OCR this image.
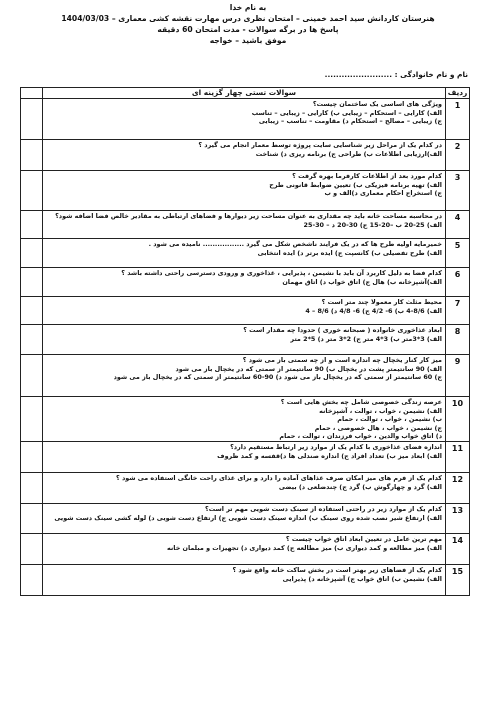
به نام خدا
هنرستان کاردانش سید احمد خمینی – امتحان نظری درس مهارت نقشه کشی معماری – 1404/03/03
پاسخ ها در برگه سوالات - مدت امتحان 60 دقیقه
موفق باشید – خواجه
نام و نام خانوادگی : ........................
ردیف	سوالات تستی چهار گزینه ای	
1	ویژگی های اساسی یک ساختمان چیست؟
الف) کارایی – استحکام – زیبایی ب) کارایی – زیبایی – تناسب
ج) زیبایی – مصالح – استحکام د) مقاومت – تناسب – زیبایی	

2	در کدام یک از مراحل زیر شناسایی سایت پروژه توسط معمار انجام می گیرد ؟
الف)ارزیابی اطلاعات ب) طراحی ج) برنامه ریزی د) شناخت	

3	کدام مورد بعد از اطلاعات کارفرما بهره گرفت ؟
الف) تهیه برنامه فیزیکی ب) تعیین ضوابط قانونی طرح
ج) استخراج احکام معماری د)الف و ب	

4	در محاسبه مساحت خانه باید چه مقداری به عنوان مساحت زیر دیوارها و فضاهای ارتباطی به مقادیر خالص فضا اضافه شود؟
الف) 25-20 ب –20-15 ج) 30-20 د – 30-25	

5	خمیرمایه اولیه طرح ها که در یک فرایند ناشخص شکل می گیرد ................. نامیده می شود .
الف) طرح تفصیلی ب) کانسپت ج) ایده برتر د) ایده انتخابی	

6	کدام فضا به دلیل کاربرد آن باید با نشیمن ، پذیرایی ، غذاخوری و ورودی دسترسی راحتی داشته باشد ؟
الف)آشپزخانه ب) هال ج) اتاق خواب د) اتاق مهمان	

7	محیط مثلث کار معمولا چند متر است ؟
الف) 8/6-4 ب) 6- 4/2 ج) 6- 4/8 د) 8/6 – 4	

8	ابعاد غذاخوری خانواده ( صبحانه خوری ) حدودا چه مقدار است ؟
الف) 3*3متر ب) 3*4 متر ج) 2*3 متر د) 5*2 متر	

9	میز کار کنار یخچال چه اندازه است و از چه سمتی باز می شود ؟
الف) 90 سانتیمتر پشت در یخچال ب) 90 سانتیمتر از سمتی که در یخچال باز می شود
ج) 60 سانتیمتر از سمتی که در یخچال باز می شود د) 90-60 سانتیمتر از سمتی که در یخچال باز می شود	

10	عرصه زندگی خصوصی شامل چه بخش هایی است ؟
الف) نشیمن ، خواب ، توالت ، آشپزخانه
ب) نشیمن ، خواب ، توالت ، حمام
ج) نشیمن ، خواب ، هال خصوصی ، حمام
د) اتاق خواب والدین ، خواب فرزندان ، توالت ، حمام	

11	اندازه فضای غذاخوری با کدام یک از موارد زیر ارتباط مستقیم دارد؟
الف) ابعاد میز ب) تعداد افراد ج) اندازه صندلی ها د)قفسه و کمد ظروف	

12	کدام یک از فرم های میز امکان صرف غذاهای آماده را دارد و برای غذای راحت خانگی استفاده می شود ؟
الف) گرد و چهارگوش ب) گرد ج) چندضلعی د) بیضی	

13	کدام یک از موارد زیر در راحتی استفاده از سینک دست شویی مهم تر است؟
الف) ارتفاع شیر نصب شده روی سینک ب) اندازه سینک دست شویی ج) ارتفاع دست شویی د) لوله کشی سینک دست شویی	

14	مهم ترین عامل در تعیین ابعاد اتاق خواب چیست ؟
الف) میز مطالعه و کمد دیواری ب) میز مطالعه ج) کمد دیواری د) تجهیزات و مبلمان خانه	

15	کدام یک از فضاهای زیر بهتر است در بخش ساکت خانه واقع شود ؟
الف) نشیمن ب) اتاق خواب ج) آشپزخانه د) پذیرایی	
